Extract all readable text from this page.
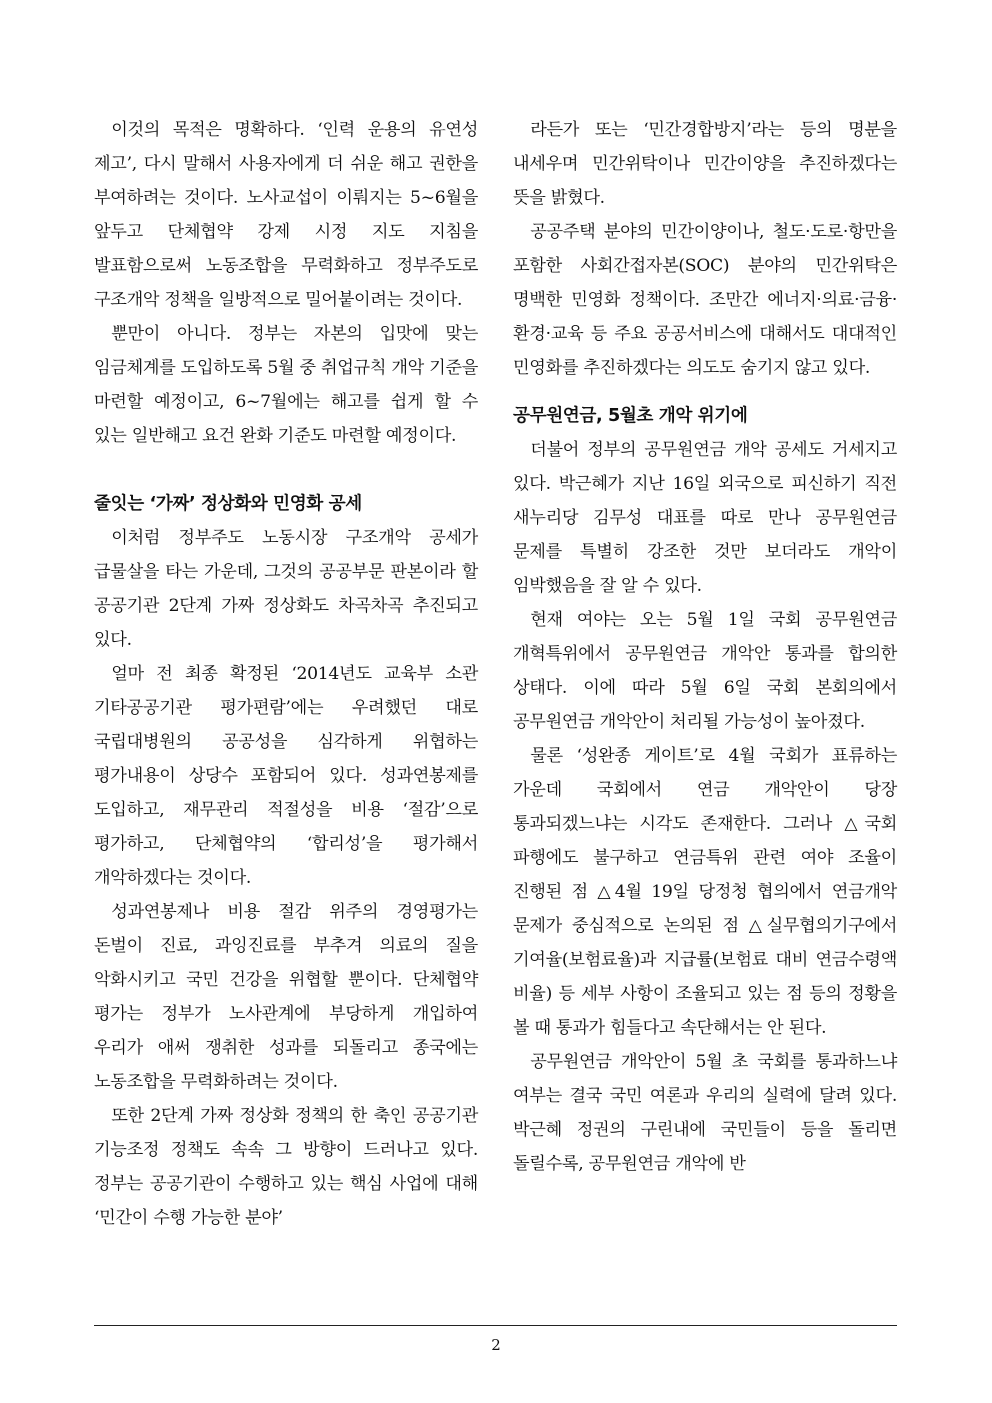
이것의 목적은 명확하다. ‘인력 운용의 유연성 제고’, 다시 말해서 사용자에게 더 쉬운 해고 권한을 부여하려는 것이다. 노사교섭이 이뤄지는 5~6월을 앞두고 단체협약 강제 시정 지도 지침을 발표함으로써 노동조합을 무력화하고 정부주도로 구조개악 정책을 일방적으로 밀어붙이려는 것이다.

뿐만이 아니다. 정부는 자본의 입맛에 맞는 임금체계를 도입하도록 5월 중 취업규칙 개악 기준을 마련할 예정이고, 6~7월에는 해고를 쉽게 할 수 있는 일반해고 요건 완화 기준도 마련할 예정이다.

줄잇는 ‘가짜’ 정상화와 민영화 공세

이처럼 정부주도 노동시장 구조개악 공세가 급물살을 타는 가운데, 그것의 공공부문 판본이라 할 공공기관 2단계 가짜 정상화도 차곡차곡 추진되고 있다.

얼마 전 최종 확정된 ‘2014년도 교육부 소관 기타공공기관 평가편람’에는 우려했던 대로 국립대병원의 공공성을 심각하게 위협하는 평가내용이 상당수 포함되어 있다. 성과연봉제를 도입하고, 재무관리 적절성을 비용 ‘절감’으로 평가하고, 단체협약의 ‘합리성’을 평가해서 개악하겠다는 것이다.

성과연봉제나 비용 절감 위주의 경영평가는 돈벌이 진료, 과잉진료를 부추겨 의료의 질을 악화시키고 국민 건강을 위협할 뿐이다. 단체협약 평가는 정부가 노사관계에 부당하게 개입하여 우리가 애써 쟁취한 성과를 되돌리고 종국에는 노동조합을 무력화하려는 것이다.

또한 2단계 가짜 정상화 정책의 한 축인 공공기관 기능조정 정책도 속속 그 방향이 드러나고 있다. 정부는 공공기관이 수행하고 있는 핵심 사업에 대해 ‘민간이 수행 가능한 분야’

라든가 또는 ‘민간경합방지’라는 등의 명분을 내세우며 민간위탁이나 민간이양을 추진하겠다는 뜻을 밝혔다.

공공주택 분야의 민간이양이나, 철도·도로·항만을 포함한 사회간접자본(SOC) 분야의 민간위탁은 명백한 민영화 정책이다. 조만간 에너지·의료·금융·환경·교육 등 주요 공공서비스에 대해서도 대대적인 민영화를 추진하겠다는 의도도 숨기지 않고 있다.

공무원연금, 5월초 개악 위기에

더불어 정부의 공무원연금 개악 공세도 거세지고 있다. 박근혜가 지난 16일 외국으로 피신하기 직전 새누리당 김무성 대표를 따로 만나 공무원연금 문제를 특별히 강조한 것만 보더라도 개악이 임박했음을 잘 알 수 있다.

현재 여야는 오는 5월 1일 국회 공무원연금 개혁특위에서 공무원연금 개악안 통과를 합의한 상태다. 이에 따라 5월 6일 국회 본회의에서 공무원연금 개악안이 처리될 가능성이 높아졌다.

물론 ‘성완종 게이트’로 4월 국회가 표류하는 가운데 국회에서 연금 개악안이 당장 통과되겠느냐는 시각도 존재한다. 그러나 △국회 파행에도 불구하고 연금특위 관련 여야 조율이 진행된 점 △4월 19일 당정청 협의에서 연금개악 문제가 중심적으로 논의된 점 △실무협의기구에서 기여율(보험료율)과 지급률(보험료 대비 연금수령액 비율) 등 세부 사항이 조율되고 있는 점 등의 정황을 볼 때 통과가 힘들다고 속단해서는 안 된다.

공무원연금 개악안이 5월 초 국회를 통과하느냐 여부는 결국 국민 여론과 우리의 실력에 달려 있다. 박근혜 정권의 구린내에 국민들이 등을 돌리면 돌릴수록, 공무원연금 개악에 반

2
